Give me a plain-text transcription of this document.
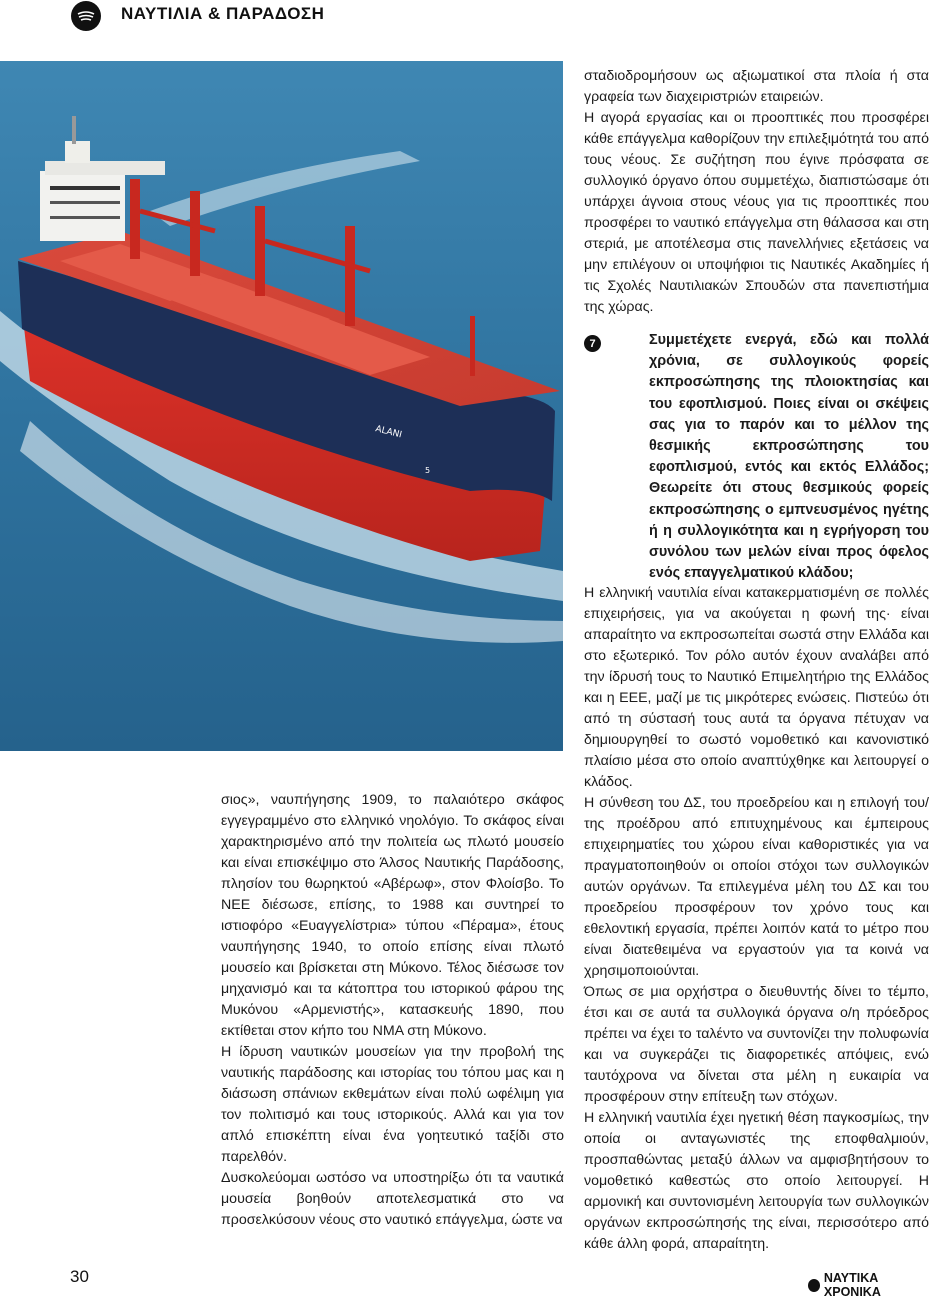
ΝΑΥΤΙΛΙΑ & ΠΑΡΑΔΟΣΗ
ALANI
5

σιος», ναυπήγησης 1909, το παλαιότερο σκάφος εγγεγραμμένο στο ελληνικό νηολόγιο. Το σκάφος είναι χαρακτηρισμένο από την πολιτεία ως πλωτό μουσείο και είναι επισκέψιμο στο Άλσος Ναυτικής Παράδοσης, πλησίον του θωρηκτού «Αβέρωφ», στον Φλοίσβο. Το ΝΕΕ διέσωσε, επίσης, το 1988 και συντηρεί το ιστιοφόρο «Ευαγγελίστρια» τύπου «Πέραμα», έτους ναυπήγησης 1940, το οποίο επίσης είναι πλωτό μουσείο και βρίσκεται στη Μύκονο. Τέλος διέσωσε τον μηχανισμό και τα κάτοπτρα του ιστορικού φάρου της Μυκόνου «Αρμενιστής», κατασκευής 1890, που εκτίθεται στον κήπο του ΝΜΑ στη Μύκονο.

Η ίδρυση ναυτικών μουσείων για την προβολή της ναυτικής παράδοσης και ιστορίας του τόπου μας και η διάσωση σπάνιων εκθεμάτων είναι πολύ ωφέλιμη για τον πολιτισμό και τους ιστορικούς. Αλλά και για τον απλό επισκέπτη είναι ένα γοητευτικό ταξίδι στο παρελθόν.

Δυσκολεύομαι ωστόσο να υποστηρίξω ότι τα ναυτικά μουσεία βοηθούν αποτελεσματικά στο να προσελκύσουν νέους στο ναυτικό επάγγελμα, ώστε να

σταδιοδρομήσουν ως αξιωματικοί στα πλοία ή στα γραφεία των διαχειριστριών εταιρειών.

Η αγορά εργασίας και οι προοπτικές που προσφέρει κάθε επάγγελμα καθορίζουν την επιλεξιμότητά του από τους νέους. Σε συζήτηση που έγινε πρόσφατα σε συλλογικό όργανο όπου συμμετέχω, διαπιστώσαμε ότι υπάρχει άγνοια στους νέους για τις προοπτικές που προσφέρει το ναυτικό επάγγελμα στη θάλασσα και στη στεριά, με αποτέλεσμα στις πανελλήνιες εξετάσεις να μην επιλέγουν οι υποψήφιοι τις Ναυτικές Ακαδημίες ή τις Σχολές Ναυτιλιακών Σπουδών στα πανεπιστήμια της χώρας.

7	Συμμετέχετε ενεργά, εδώ και πολλά χρόνια, σε συλλογικούς φορείς εκπροσώπησης της πλοιοκτησίας και του εφοπλισμού. Ποιες είναι οι σκέψεις σας για το παρόν και το μέλλον της θεσμικής εκπροσώπησης του εφοπλισμού, εντός και εκτός Ελλάδος; Θεωρείτε ότι στους θεσμικούς φορείς εκπροσώπησης ο εμπνευσμένος ηγέτης ή η συλλογικότητα και η εγρήγορση του συνόλου των μελών είναι προς όφελος ενός επαγγελματικού κλάδου;

Η ελληνική ναυτιλία είναι κατακερματισμένη σε πολλές επιχειρήσεις, για να ακούγεται η φωνή της· είναι απαραίτητο να εκπροσωπείται σωστά στην Ελλάδα και στο εξωτερικό. Τον ρόλο αυτόν έχουν αναλάβει από την ίδρυσή τους το Ναυτικό Επιμελητήριο της Ελλάδος και η ΕΕΕ, μαζί με τις μικρότερες ενώσεις. Πιστεύω ότι από τη σύστασή τους αυτά τα όργανα πέτυχαν να δημιουργηθεί το σωστό νομοθετικό και κανονιστικό πλαίσιο μέσα στο οποίο αναπτύχθηκε και λειτουργεί ο κλάδος.

Η σύνθεση του ΔΣ, του προεδρείου και η επιλογή του/της προέδρου από επιτυχημένους και έμπειρους επιχειρηματίες του χώρου είναι καθοριστικές για να πραγματοποιηθούν οι οποίοι στόχοι των συλλογικών αυτών οργάνων. Τα επιλεγμένα μέλη του ΔΣ και του προεδρείου προσφέρουν τον χρόνο τους και εθελοντική εργασία, πρέπει λοιπόν κατά το μέτρο που είναι διατεθειμένα να εργαστούν για τα κοινά να χρησιμοποιούνται.

Όπως σε μια ορχήστρα ο διευθυντής δίνει το τέμπο, έτσι και σε αυτά τα συλλογικά όργανα ο/η πρόεδρος πρέπει να έχει το ταλέντο να συντονίζει την πολυφωνία και να συγκεράζει τις διαφορετικές απόψεις, ενώ ταυτόχρονα να δίνεται στα μέλη η ευκαιρία να προσφέρουν στην επίτευξη των στόχων.

Η ελληνική ναυτιλία έχει ηγετική θέση παγκοσμίως, την οποία οι ανταγωνιστές της εποφθαλμιούν, προσπαθώντας μεταξύ άλλων να αμφισβητήσουν το νομοθετικό καθεστώς στο οποίο λειτουργεί. Η αρμονική και συντονισμένη λειτουργία των συλλογικών οργάνων εκπροσώπησής της είναι, περισσότερο από κάθε άλλη φορά, απαραίτητη.

30	ΝΑΥΤΙΚΑ ΧΡΟΝΙΚΑ
